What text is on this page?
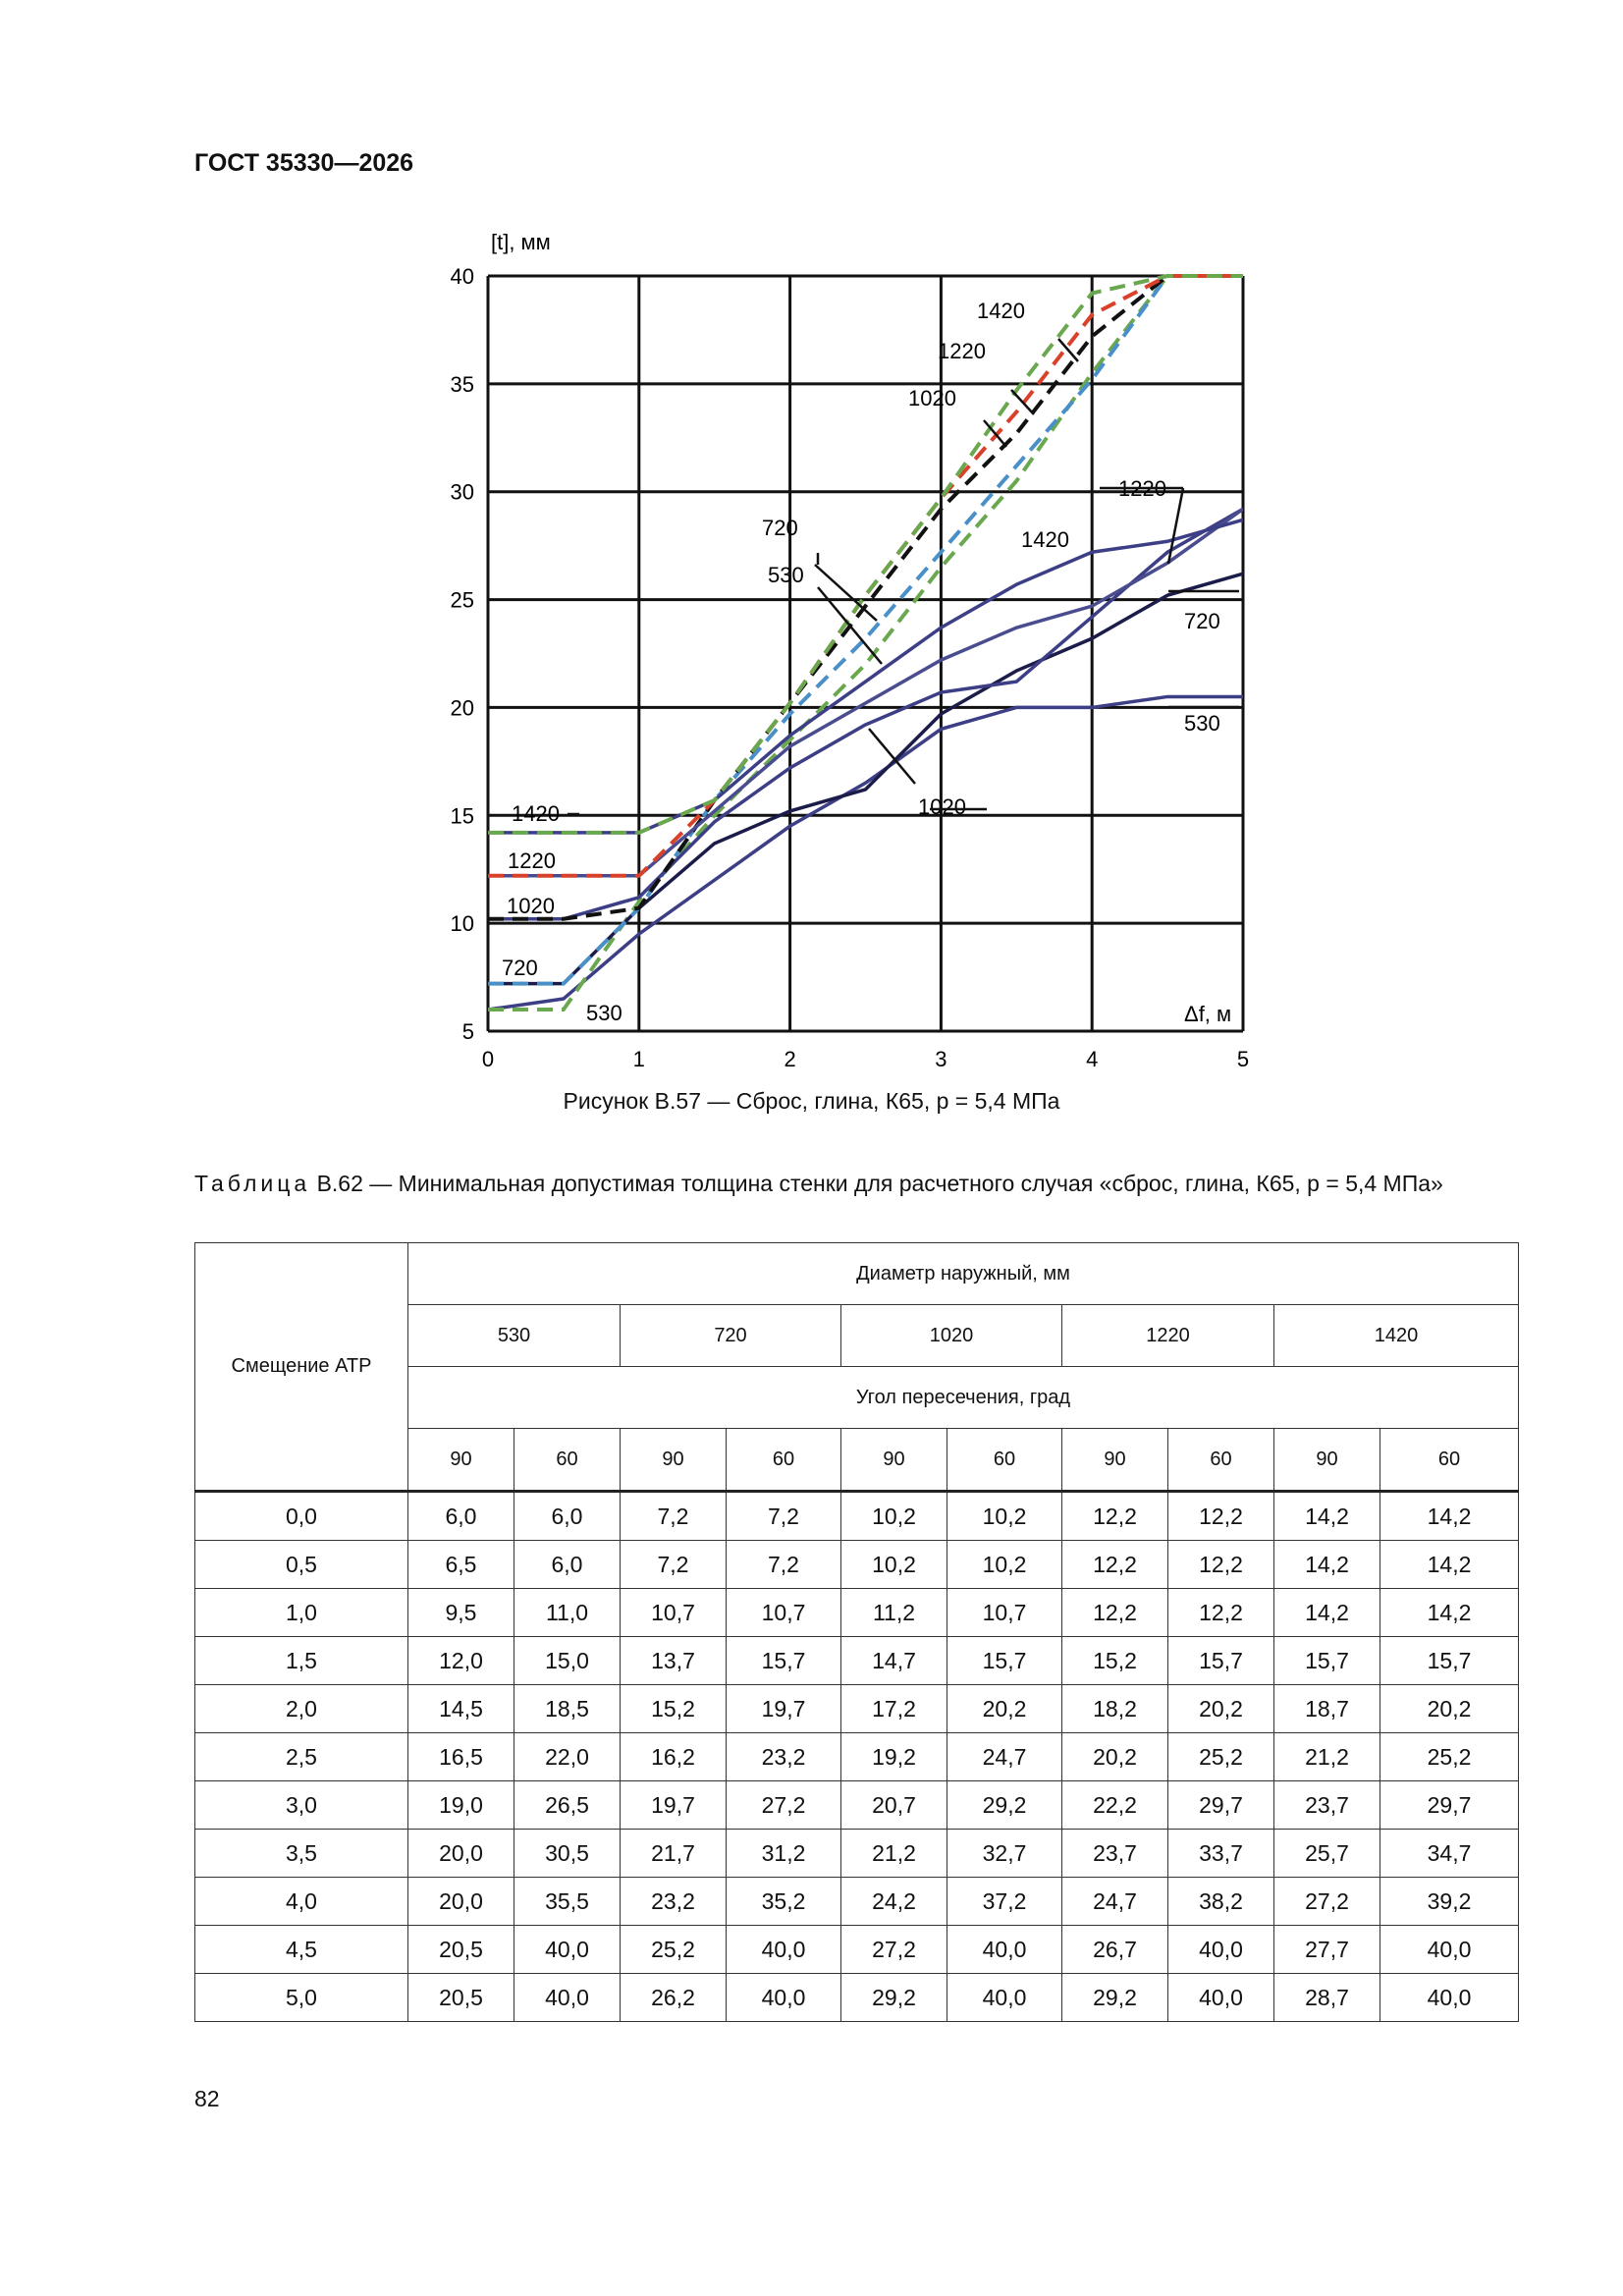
ГОСТ 35330—2026
0	1	2	3	4	5
5
10
15
20
25
30
35
40
1420
1220
1020
720
530
1420
1220
1020
720
530
1420
1220
1020
720
530
[t], мм
Δf, м
Рисунок В.57 — Сброс, глина, К65, р = 5,4 МПа
Таблица В.62 — Минимальная допустимая толщина стенки для расчетного случая «сброс, глина, К65, р = 5,4 МПа»
Смещение АТР	Диаметр наружный, мм									
	530		720		1020		1220		1420	
	Угол пересечения, град									
	90	60	90	60	90	60	90	60	90	60
0,0	6,0	6,0	7,2	7,2	10,2	10,2	12,2	12,2	14,2	14,2
0,5	6,5	6,0	7,2	7,2	10,2	10,2	12,2	12,2	14,2	14,2
1,0	9,5	11,0	10,7	10,7	11,2	10,7	12,2	12,2	14,2	14,2
1,5	12,0	15,0	13,7	15,7	14,7	15,7	15,2	15,7	15,7	15,7
2,0	14,5	18,5	15,2	19,7	17,2	20,2	18,2	20,2	18,7	20,2
2,5	16,5	22,0	16,2	23,2	19,2	24,7	20,2	25,2	21,2	25,2
3,0	19,0	26,5	19,7	27,2	20,7	29,2	22,2	29,7	23,7	29,7
3,5	20,0	30,5	21,7	31,2	21,2	32,7	23,7	33,7	25,7	34,7
4,0	20,0	35,5	23,2	35,2	24,2	37,2	24,7	38,2	27,2	39,2
4,5	20,5	40,0	25,2	40,0	27,2	40,0	26,7	40,0	27,7	40,0
5,0	20,5	40,0	26,2	40,0	29,2	40,0	29,2	40,0	28,7	40,0
82
